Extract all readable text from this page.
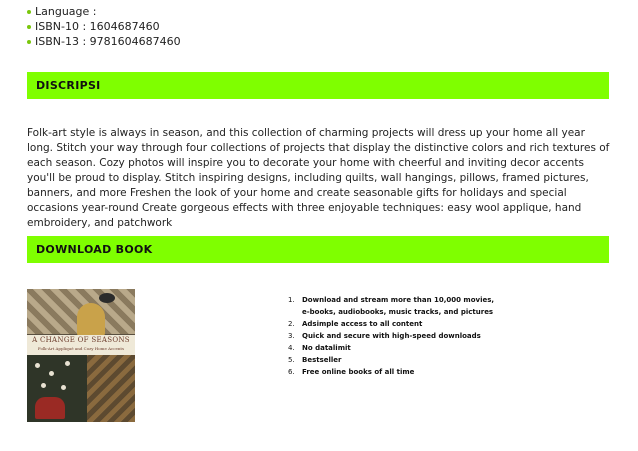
Language :
ISBN-10 : 1604687460
ISBN-13 : 9781604687460
DISCRIPSI

Folk-art style is always in season, and this collection of charming projects will dress up your home all year long. Stitch your way through four collections of projects that display the distinctive colors and rich textures of each season. Cozy photos will inspire you to decorate your home with cheerful and inviting decor accents you'll be proud to display. Stitch inspiring designs, including quilts, wall hangings, pillows, framed pictures, banners, and more Freshen the look of your home and create seasonable gifts for holidays and special occasions year-round Create gorgeous effects with three enjoyable techniques: easy wool applique, hand embroidery, and patchwork

DOWNLOAD BOOK
A CHANGE OF SEASONS
Folk-Art Appliqué and Cozy Home Accents
1. Download and stream more than 10,000 movies,
e-books, audiobooks, music tracks, and pictures
2. Adsimple access to all content
3. Quick and secure with high-speed downloads
4. No datalimit
5. Bestseller
6. Free online books of all time
